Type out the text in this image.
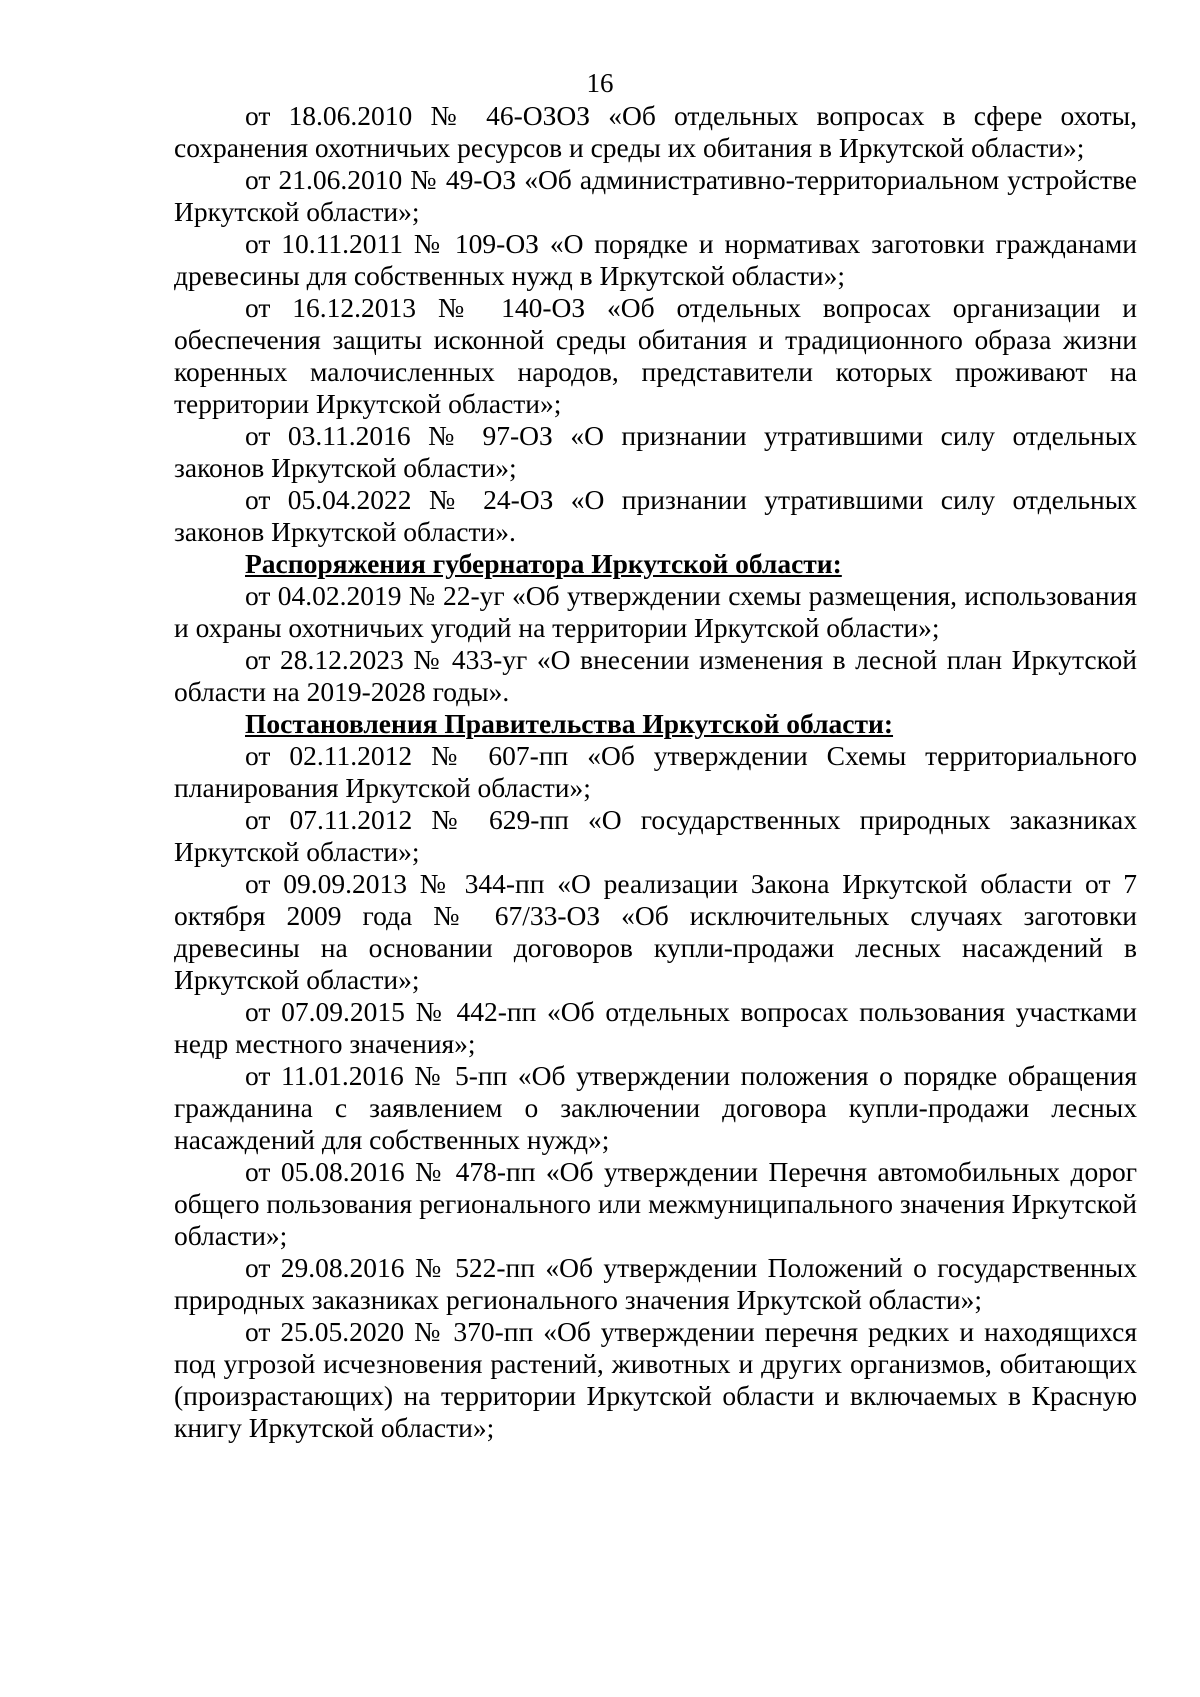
16

от 18.06.2010 № 46-ОЗОЗ «Об отдельных вопросах в сфере охоты, сохранения охотничьих ресурсов и среды их обитания в Иркутской области»;

от 21.06.2010 № 49-ОЗ «Об административно-территориальном устройстве Иркутской области»;

от 10.11.2011 № 109-ОЗ «О порядке и нормативах заготовки гражданами древесины для собственных нужд в Иркутской области»;

от 16.12.2013 № 140-ОЗ «Об отдельных вопросах организации и обеспечения защиты исконной среды обитания и традиционного образа жизни коренных малочисленных народов, представители которых проживают на территории Иркутской области»;

от 03.11.2016 № 97-ОЗ «О признании утратившими силу отдельных законов Иркутской области»;

от 05.04.2022 № 24-ОЗ «О признании утратившими силу отдельных законов Иркутской области».

Распоряжения губернатора Иркутской области:

от 04.02.2019 № 22-уг «Об утверждении схемы размещения, использования и охраны охотничьих угодий на территории Иркутской области»;

от 28.12.2023 № 433-уг «О внесении изменения в лесной план Иркутской области на 2019-2028 годы».

Постановления Правительства Иркутской области:

от 02.11.2012 № 607-пп «Об утверждении Схемы территориального планирования Иркутской области»;

от 07.11.2012 № 629-пп «О государственных природных заказниках Иркутской области»;

от 09.09.2013 № 344-пп «О реализации Закона Иркутской области от 7 октября 2009 года № 67/33-ОЗ «Об исключительных случаях заготовки древесины на основании договоров купли-продажи лесных насаждений в Иркутской области»;

от 07.09.2015 № 442-пп «Об отдельных вопросах пользования участками недр местного значения»;

от 11.01.2016 № 5-пп «Об утверждении положения о порядке обращения гражданина с заявлением о заключении договора купли-продажи лесных насаждений для собственных нужд»;

от 05.08.2016 № 478-пп «Об утверждении Перечня автомобильных дорог общего пользования регионального или межмуниципального значения Иркутской области»;

от 29.08.2016 № 522-пп «Об утверждении Положений о государственных природных заказниках регионального значения Иркутской области»;

от 25.05.2020 № 370-пп «Об утверждении перечня редких и находящихся под угрозой исчезновения растений, животных и других организмов, обитающих (произрастающих) на территории Иркутской области и включаемых в Красную книгу Иркутской области»;
